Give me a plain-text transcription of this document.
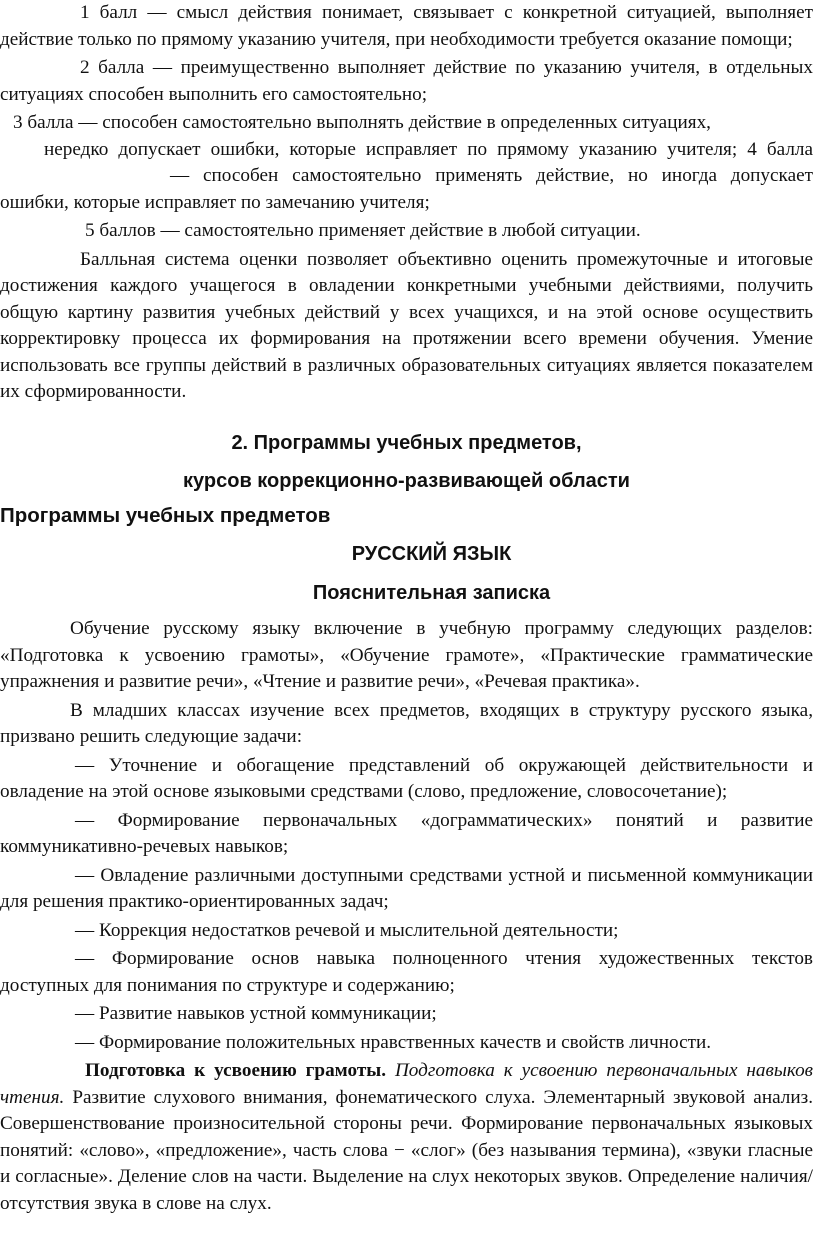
1 балл — смысл действия понимает, связывает с конкретной ситуацией, выполняет действие только по прямому указанию учителя, при необходимости требуется оказание помощи;

2 балла — преимущественно выполняет действие по указанию учителя, в отдельных ситуациях способен выполнить его самостоятельно;

3 балла — способен самостоятельно выполнять действие в определенных ситуациях,

нередко допускает ошибки, которые исправляет по прямому указанию учителя; 4 балла

— способен самостоятельно применять действие, но иногда допускает ошибки, которые исправляет по замечанию учителя;

5 баллов — самостоятельно применяет действие в любой ситуации.

Балльная система оценки позволяет объективно оценить промежуточные и итоговые достижения каждого учащегося в овладении конкретными учебными действиями, получить общую картину развития учебных действий у всех учащихся, и на этой основе осуществить корректировку процесса их формирования на протяжении всего времени обучения. Умение использовать все группы действий в различных образовательных ситуациях является показателем их сформированности.

2. Программы учебных предметов,

курсов коррекционно-развивающей области

Программы учебных предметов

РУССКИЙ ЯЗЫК

Пояснительная записка

Обучение русскому языку включение в учебную программу следующих разделов: «Подготовка к усвоению грамоты», «Обучение грамоте», «Практические грамматические упражнения и развитие речи», «Чтение и развитие речи», «Речевая практика».

В младших классах изучение всех предметов, входящих в структуру русского языка, призвано решить следующие задачи:

— Уточнение и обогащение представлений об окружающей действительности и овладение на этой основе языковыми средствами (слово, предложение, словосочетание);

— Формирование первоначальных «дограмматических» понятий и развитие коммуникативно-речевых навыков;

— Овладение различными доступными средствами устной и письменной коммуникации для решения практико-ориентированных задач;

— Коррекция недостатков речевой и мыслительной деятельности;

— Формирование основ навыка полноценного чтения художественных текстов доступных для понимания по структуре и содержанию;

— Развитие навыков устной коммуникации;

— Формирование положительных нравственных качеств и свойств личности.

Подготовка к усвоению грамоты. Подготовка к усвоению первоначальных навыков чтения. Развитие слухового внимания, фонематического слуха. Элементарный звуковой анализ. Совершенствование произносительной стороны речи. Формирование первоначальных языковых понятий: «слово», «предложение», часть слова − «слог» (без называния термина), «звуки гласные и согласные». Деление слов на части. Выделение на слух некоторых звуков. Определение наличия/отсутствия звука в слове на слух.
